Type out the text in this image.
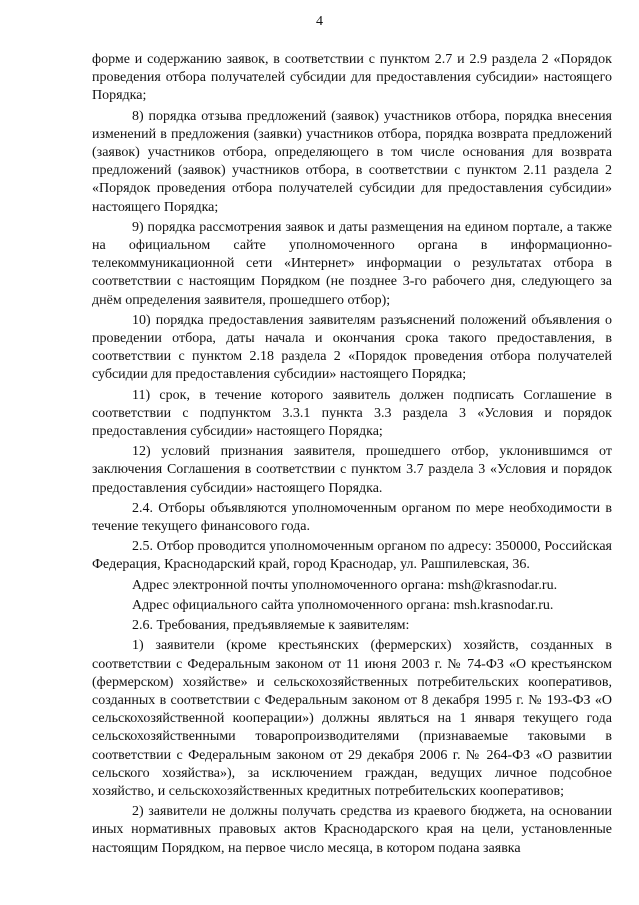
4

форме и содержанию заявок, в соответствии с пунктом 2.7 и 2.9 раздела 2 «Порядок проведения отбора получателей субсидии для предоставления субсидии» настоящего Порядка;

8) порядка отзыва предложений (заявок) участников отбора, порядка внесения изменений в предложения (заявки) участников отбора, порядка возврата предложений (заявок) участников отбора, определяющего в том числе основания для возврата предложений (заявок) участников отбора, в соответствии с пунктом 2.11 раздела 2 «Порядок проведения отбора получателей субсидии для предоставления субсидии» настоящего Порядка;

9) порядка рассмотрения заявок и даты размещения на едином портале, а также на официальном сайте уполномоченного органа в информационно-телекоммуникационной сети «Интернет» информации о результатах отбора в соответствии с настоящим Порядком (не позднее 3-го рабочего дня, следующего за днём определения заявителя, прошедшего отбор);

10) порядка предоставления заявителям разъяснений положений объявления о проведении отбора, даты начала и окончания срока такого предоставления, в соответствии с пунктом 2.18 раздела 2 «Порядок проведения отбора получателей субсидии для предоставления субсидии» настоящего Порядка;

11) срок, в течение которого заявитель должен подписать Соглашение в соответствии с подпунктом 3.3.1 пункта 3.3 раздела 3 «Условия и порядок предоставления субсидии» настоящего Порядка;

12) условий признания заявителя, прошедшего отбор, уклонившимся от заключения Соглашения в соответствии с пунктом 3.7 раздела 3 «Условия и порядок предоставления субсидии» настоящего Порядка.

2.4. Отборы объявляются уполномоченным органом по мере необходимости в течение текущего финансового года.

2.5. Отбор проводится уполномоченным органом по адресу: 350000, Российская Федерация, Краснодарский край, город Краснодар, ул. Рашпилевская, 36.

Адрес электронной почты уполномоченного органа: msh@krasnodar.ru.

Адрес официального сайта уполномоченного органа: msh.krasnodar.ru.

2.6. Требования, предъявляемые к заявителям:

1) заявители (кроме крестьянских (фермерских) хозяйств, созданных в соответствии с Федеральным законом от 11 июня 2003 г. № 74-ФЗ «О крестьянском (фермерском) хозяйстве» и сельскохозяйственных потребительских кооперативов, созданных в соответствии с Федеральным законом от 8 декабря 1995 г. № 193-ФЗ «О сельскохозяйственной кооперации») должны являться на 1 января текущего года сельскохозяйственными товаропроизводителями (признаваемые таковыми в соответствии с Федеральным законом от 29 декабря 2006 г. № 264-ФЗ «О развитии сельского хозяйства»), за исключением граждан, ведущих личное подсобное хозяйство, и сельскохозяйственных кредитных потребительских кооперативов;

2) заявители не должны получать средства из краевого бюджета, на основании иных нормативных правовых актов Краснодарского края на цели, установленные настоящим Порядком, на первое число месяца, в котором подана заявка
